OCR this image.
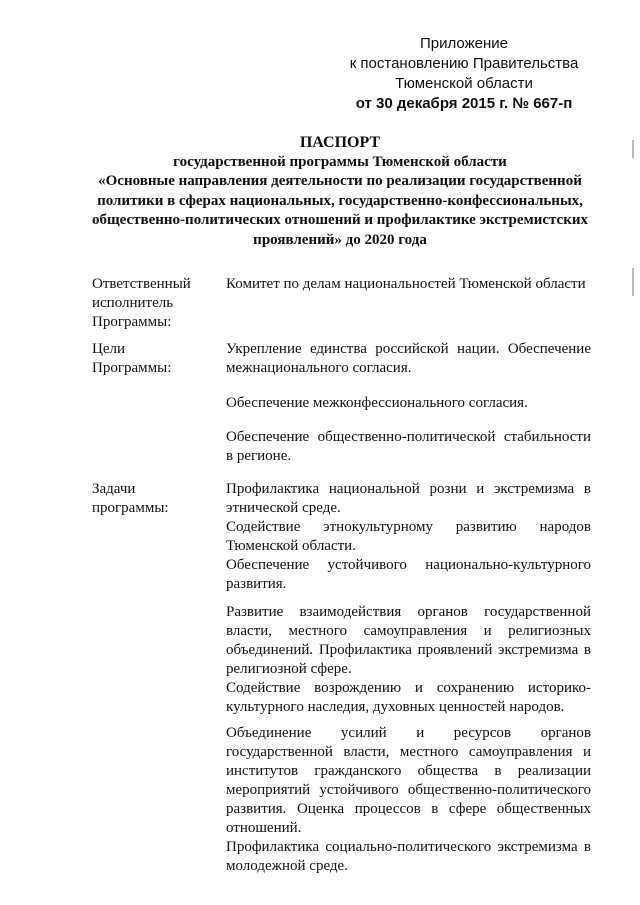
Приложение
к постановлению Правительства
Тюменской области
от 30 декабря 2015 г. № 667-п
ПАСПОРТ
государственной программы Тюменской области
«Основные направления деятельности по реализации государственной
политики в сферах национальных, государственно-конфессиональных,
общественно-политических отношений и профилактике экстремистских
проявлений» до 2020 года
Ответственный
исполнитель
Программы:
Комитет по делам национальностей Тюменской области
Цели
Программы:
Укрепление единства российской нации. Обеспечение межнационального согласия.
Обеспечение межконфессионального согласия.
Обеспечение общественно-политической стабильности в регионе.
Задачи
программы:
Профилактика национальной розни и экстремизма в этнической среде.
Содействие этнокультурному развитию народов Тюменской области.
Обеспечение устойчивого национально-культурного развития.
Развитие взаимодействия органов государственной власти, местного самоуправления и религиозных объединений. Профилактика проявлений экстремизма в религиозной сфере.
Содействие возрождению и сохранению историко-культурного наследия, духовных ценностей народов.
Объединение усилий и ресурсов органов государственной власти, местного самоуправления и институтов гражданского общества в реализации мероприятий устойчивого общественно-политического развития. Оценка процессов в сфере общественных отношений.
Профилактика социально-политического экстремизма в молодежной среде.
